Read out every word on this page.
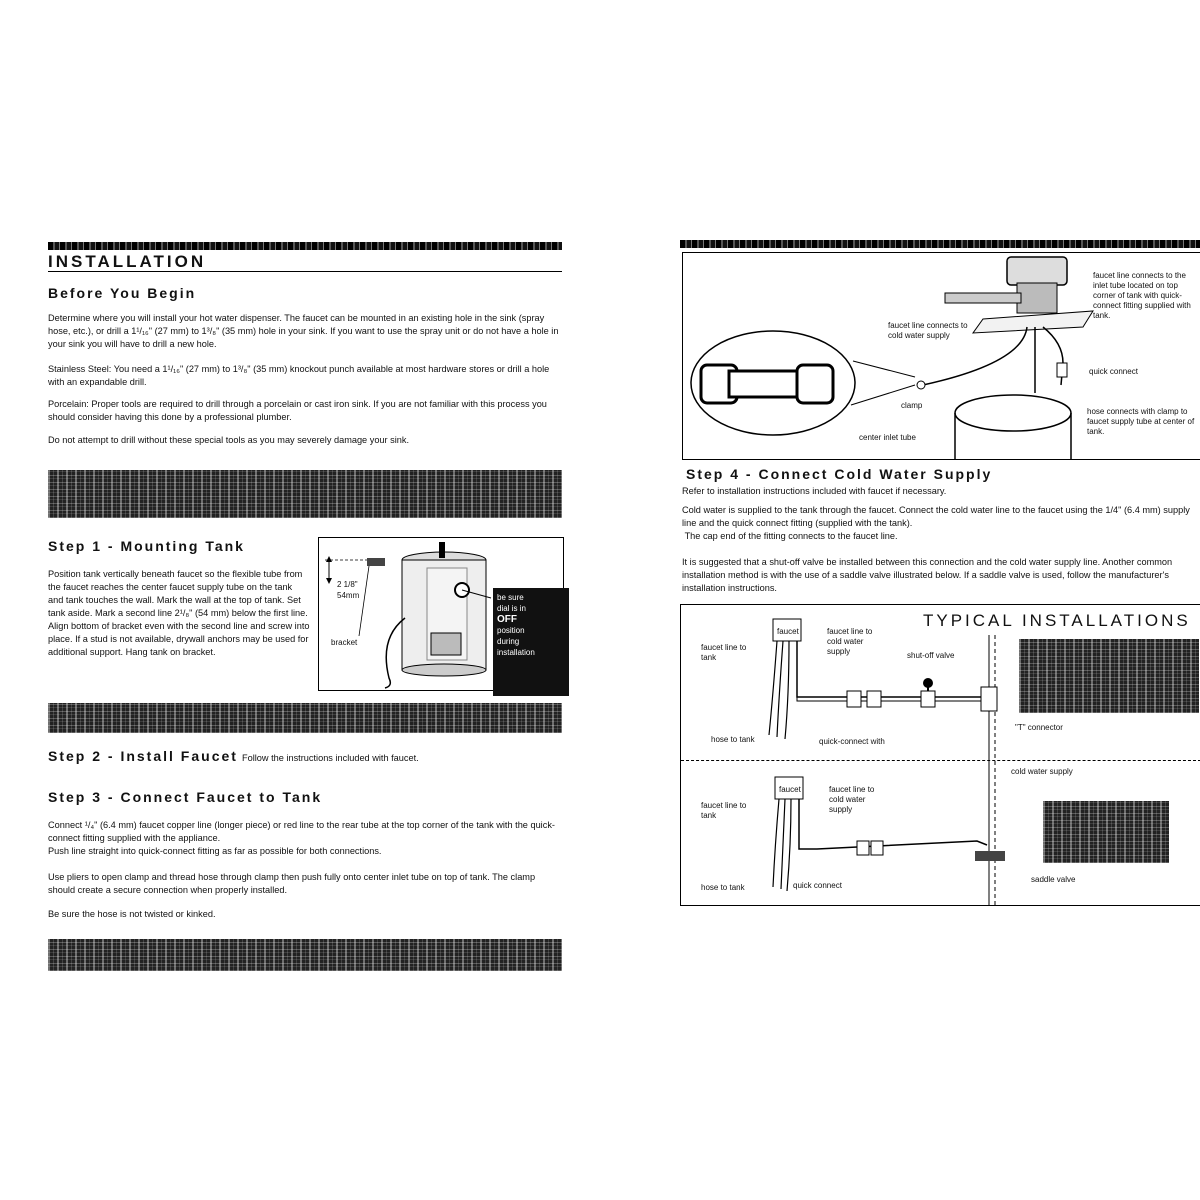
INSTALLATION
Before You Begin
Determine where you will install your hot water dispenser. The faucet can be mounted in an existing hole in the sink (spray hose, etc.), or drill a 1¹/₁₆" (27 mm) to 1³/₈" (35 mm) hole in your sink. If you want to use the spray unit or do not have a hole in your sink you will have to drill a new hole.
Stainless Steel: You need a 1¹/₁₆" (27 mm) to 1³/₈" (35 mm) knockout punch available at most hardware stores or drill a hole with an expandable drill.
Porcelain: Proper tools are required to drill through a porcelain or cast iron sink. If you are not familiar with this process you should consider having this done by a professional plumber.
Do not attempt to drill without these special tools as you may severely damage your sink.
Step 1 - Mounting Tank
Position tank vertically beneath faucet so the flexible tube from the faucet reaches the center faucet supply tube on the tank and tank touches the wall. Mark the wall at the top of tank. Set tank aside. Mark a second line 2¹/₈" (54 mm) below the first line. Align bottom of bracket even with the second line and screw into place. If a stud is not available, drywall anchors may be used for additional support. Hang tank on bracket.
2 1/8"
54mm
bracket
be sure
dial is in
OFF
position
during
installation
Step 2 - Install Faucet Follow the instructions included with faucet.
Step 3 - Connect Faucet to Tank
Connect ¹/₄" (6.4 mm) faucet copper line (longer piece) or red line to the rear tube at the top corner of the tank with the quick-connect fitting supplied with the appliance.
Push line straight into quick-connect fitting as far as possible for both connections.
Use pliers to open clamp and thread hose through clamp then push fully onto center inlet tube on top of tank. The clamp should create a secure connection when properly installed.
Be sure the hose is not twisted or kinked.
faucet line connects to the inlet tube located on top corner of tank with quick-connect fitting supplied with tank.
faucet line connects to cold water supply
quick connect
clamp
center inlet tube
hose connects with clamp to faucet supply tube at center of tank.
Step 4 - Connect Cold Water Supply
Refer to installation instructions included with faucet if necessary.
Cold water is supplied to the tank through the faucet. Connect the cold water line to the faucet using the 1/4" (6.4 mm) supply line and the quick connect fitting (supplied with the tank).
The cap end of the fitting connects to the faucet line.
It is suggested that a shut-off valve be installed between this connection and the cold water supply line. Another common installation method is with the use of a saddle valve illustrated below. If a saddle valve is used, follow the manufacturer's installation instructions.
TYPICAL INSTALLATIONS
faucet
faucet line to tank
faucet line to cold water supply	shut-off valve
hose to tank	quick-connect with
"T" connector
cold water supply
faucet
faucet line to tank
faucet line to cold water supply
hose to tank	quick connect
saddle valve
